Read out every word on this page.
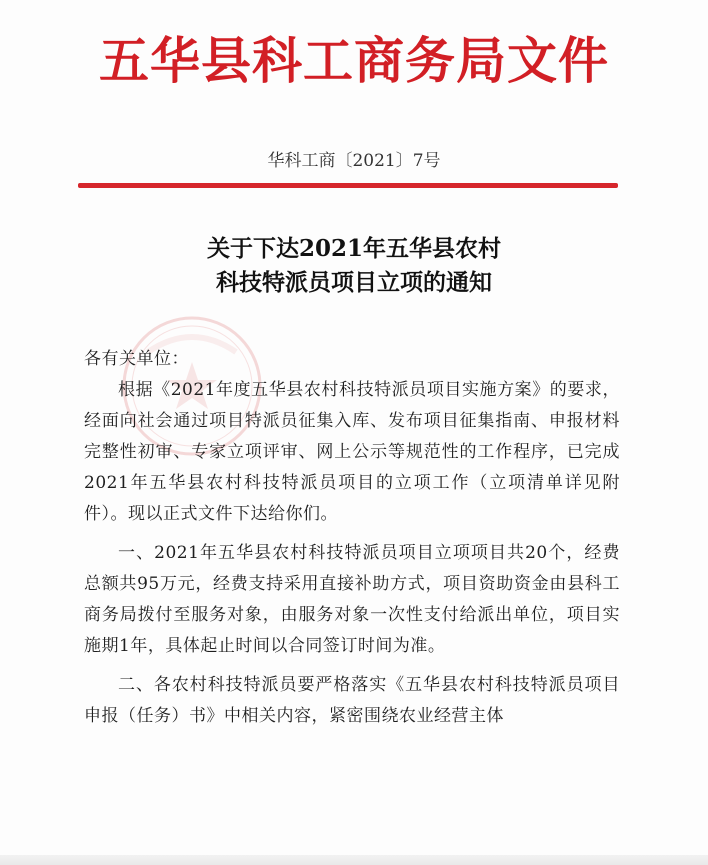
五华县科工商务局文件
华科工商〔2021〕7号
关于下达2021年五华县农村
科技特派员项目立项的通知

各有关单位：

根据《2021年度五华县农村科技特派员项目实施方案》的要求，经面向社会通过项目特派员征集入库、发布项目征集指南、申报材料完整性初审、专家立项评审、网上公示等规范性的工作程序，已完成2021年五华县农村科技特派员项目的立项工作（立项清单详见附件）。现以正式文件下达给你们。

一、2021年五华县农村科技特派员项目立项项目共20个，经费总额共95万元，经费支持采用直接补助方式，项目资助资金由县科工商务局拨付至服务对象，由服务对象一次性支付给派出单位，项目实施期1年，具体起止时间以合同签订时间为准。

二、各农村科技特派员要严格落实《五华县农村科技特派员项目申报（任务）书》中相关内容，紧密围绕农业经营主体
